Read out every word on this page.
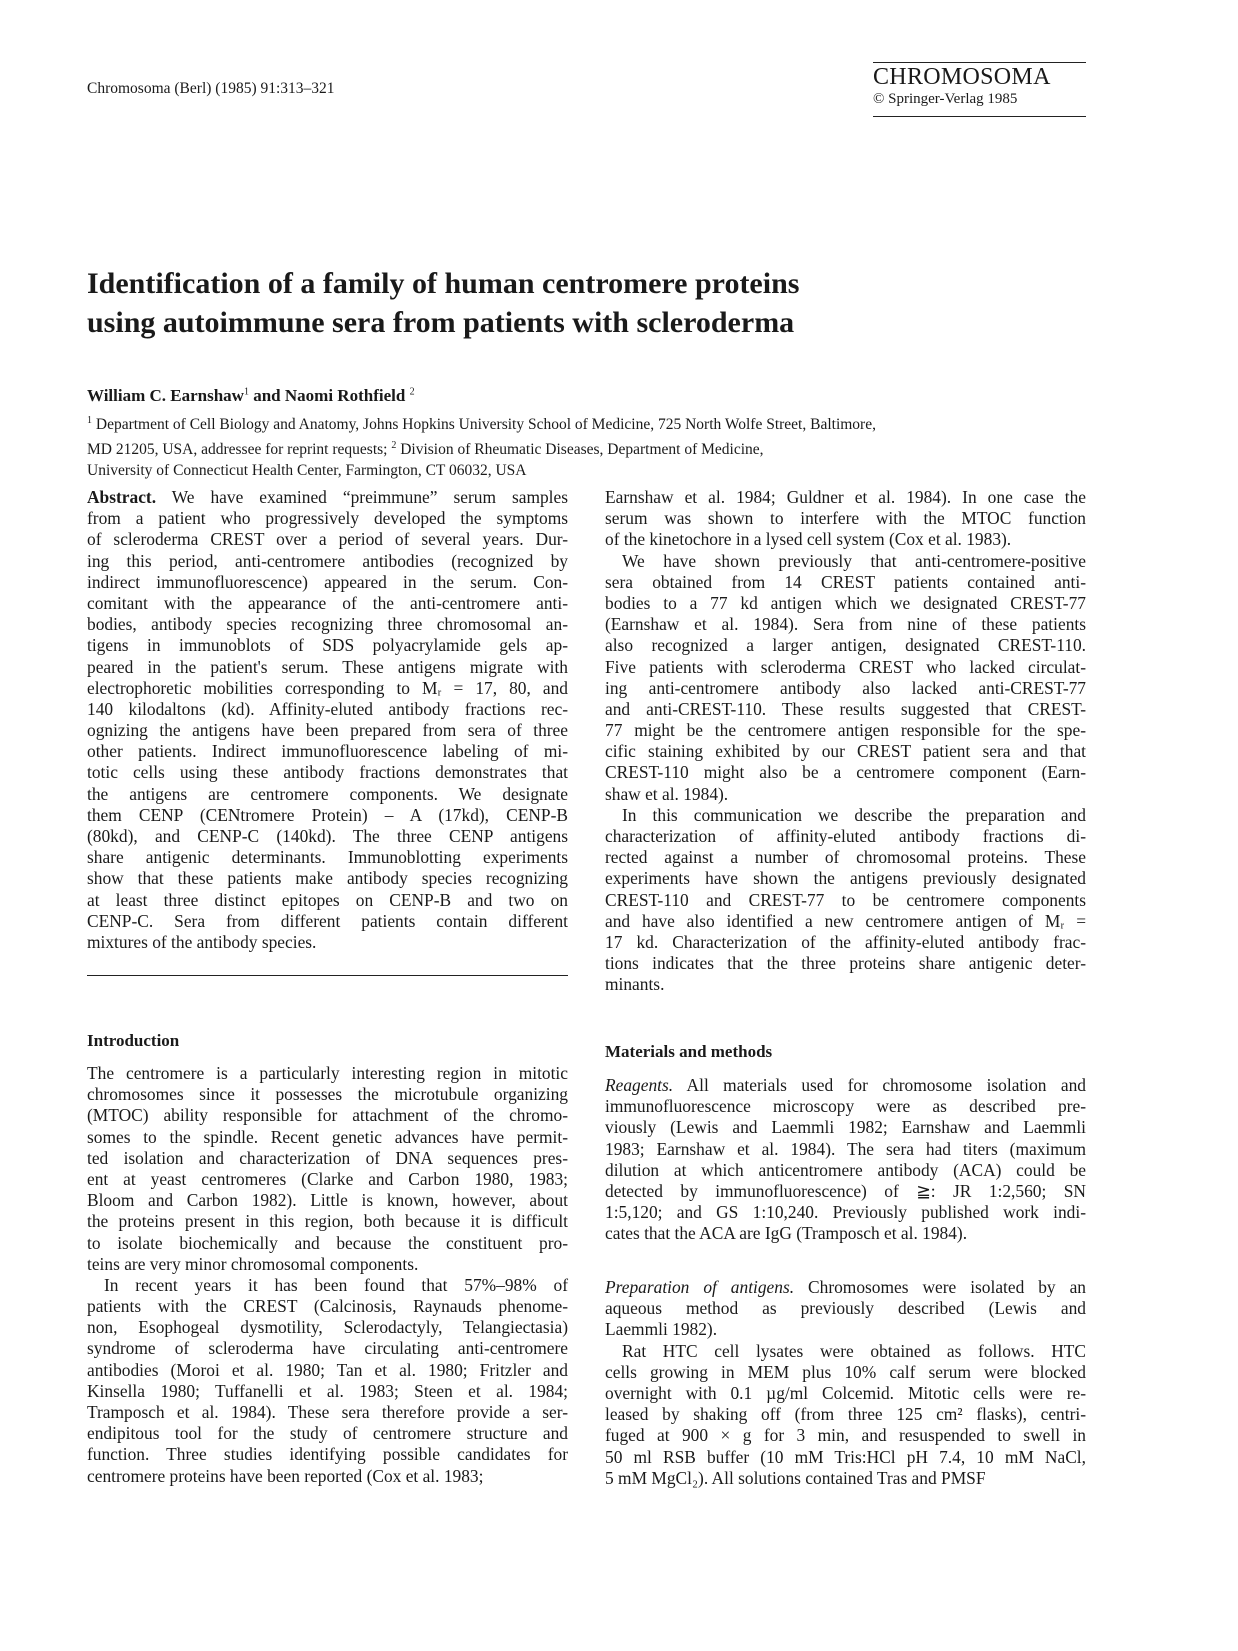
Chromosoma (Berl) (1985) 91:313–321	CHROMOSOMA
© Springer-Verlag 1985
Identification of a family of human centromere proteins
using autoimmune sera from patients with scleroderma
William C. Earnshaw$^1$ and Naomi Rothfield $^2$
$^1$ Department of Cell Biology and Anatomy, Johns Hopkins University School of Medicine, 725 North Wolfe Street, Baltimore,
MD 21205, USA, addressee for reprint requests; $^2$ Division of Rheumatic Diseases, Department of Medicine,
University of Connecticut Health Center, Farmington, CT 06032, USA
Abstract. We have examined “preimmune” serum samples
from a patient who progressively developed the symptoms
of scleroderma CREST over a period of several years. Dur-
ing this period, anti-centromere antibodies (recognized by
indirect immunofluorescence) appeared in the serum. Con-
comitant with the appearance of the anti-centromere anti-
bodies, antibody species recognizing three chromosomal an-
tigens in immunoblots of SDS polyacrylamide gels ap-
peared in the patient's serum. These antigens migrate with
electrophoretic mobilities corresponding to Mᵣ = 17, 80, and
140 kilodaltons (kd). Affinity-eluted antibody fractions rec-
ognizing the antigens have been prepared from sera of three
other patients. Indirect immunofluorescence labeling of mi-
totic cells using these antibody fractions demonstrates that
the antigens are centromere components. We designate
them CENP (CENtromere Protein) – A (17kd), CENP-B
(80kd), and CENP-C (140kd). The three CENP antigens
share antigenic determinants. Immunoblotting experiments
show that these patients make antibody species recognizing
at least three distinct epitopes on CENP-B and two on
CENP-C. Sera from different patients contain different
mixtures of the antibody species.
Introduction
The centromere is a particularly interesting region in mitotic
chromosomes since it possesses the microtubule organizing
(MTOC) ability responsible for attachment of the chromo-
somes to the spindle. Recent genetic advances have permit-
ted isolation and characterization of DNA sequences pres-
ent at yeast centromeres (Clarke and Carbon 1980, 1983;
Bloom and Carbon 1982). Little is known, however, about
the proteins present in this region, both because it is difficult
to isolate biochemically and because the constituent pro-
teins are very minor chromosomal components.
In recent years it has been found that 57%–98% of
patients with the CREST (Calcinosis, Raynauds phenome-
non, Esophogeal dysmotility, Sclerodactyly, Telangiectasia)
syndrome of scleroderma have circulating anti-centromere
antibodies (Moroi et al. 1980; Tan et al. 1980; Fritzler and
Kinsella 1980; Tuffanelli et al. 1983; Steen et al. 1984;
Tramposch et al. 1984). These sera therefore provide a ser-
endipitous tool for the study of centromere structure and
function. Three studies identifying possible candidates for
centromere proteins have been reported (Cox et al. 1983;
Earnshaw et al. 1984; Guldner et al. 1984). In one case the
serum was shown to interfere with the MTOC function
of the kinetochore in a lysed cell system (Cox et al. 1983).
We have shown previously that anti-centromere-positive
sera obtained from 14 CREST patients contained anti-
bodies to a 77 kd antigen which we designated CREST-77
(Earnshaw et al. 1984). Sera from nine of these patients
also recognized a larger antigen, designated CREST-110.
Five patients with scleroderma CREST who lacked circulat-
ing anti-centromere antibody also lacked anti-CREST-77
and anti-CREST-110. These results suggested that CREST-
77 might be the centromere antigen responsible for the spe-
cific staining exhibited by our CREST patient sera and that
CREST-110 might also be a centromere component (Earn-
shaw et al. 1984).
In this communication we describe the preparation and
characterization of affinity-eluted antibody fractions di-
rected against a number of chromosomal proteins. These
experiments have shown the antigens previously designated
CREST-110 and CREST-77 to be centromere components
and have also identified a new centromere antigen of Mᵣ =
17 kd. Characterization of the affinity-eluted antibody frac-
tions indicates that the three proteins share antigenic deter-
minants.
Materials and methods
Reagents. All materials used for chromosome isolation and
immunofluorescence microscopy were as described pre-
viously (Lewis and Laemmli 1982; Earnshaw and Laemmli
1983; Earnshaw et al. 1984). The sera had titers (maximum
dilution at which anticentromere antibody (ACA) could be
detected by immunofluorescence) of ≧: JR 1:2,560; SN
1:5,120; and GS 1:10,240. Previously published work indi-
cates that the ACA are IgG (Tramposch et al. 1984).
Preparation of antigens. Chromosomes were isolated by an
aqueous method as previously described (Lewis and
Laemmli 1982).
Rat HTC cell lysates were obtained as follows. HTC
cells growing in MEM plus 10% calf serum were blocked
overnight with 0.1 µg/ml Colcemid. Mitotic cells were re-
leased by shaking off (from three 125 cm² flasks), centri-
fuged at 900 × g for 3 min, and resuspended to swell in
50 ml RSB buffer (10 mM Tris:HCl pH 7.4, 10 mM NaCl,
5 mM MgCl₂). All solutions contained Tras and PMSF
